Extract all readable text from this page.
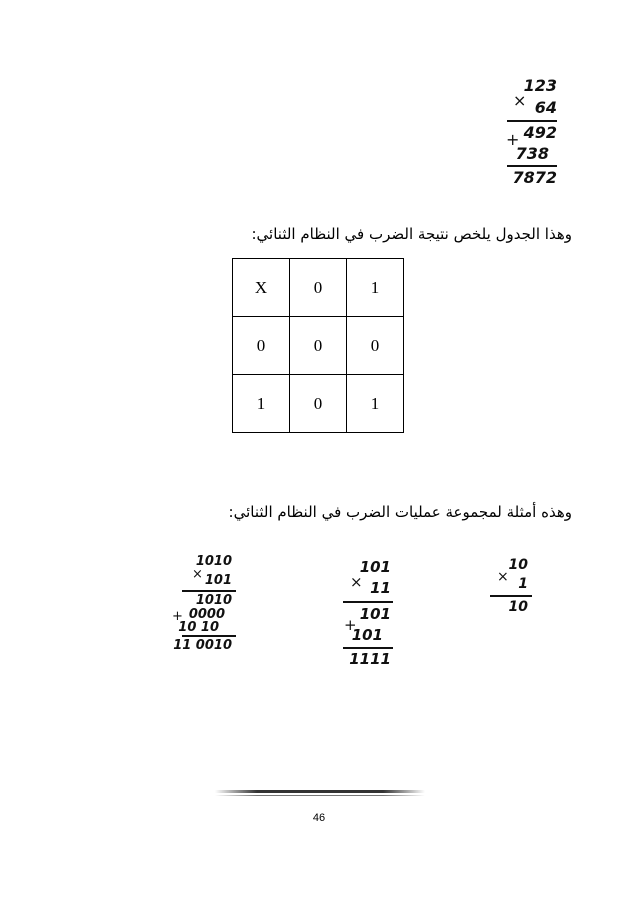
123
× 64
+ 492
738
7872
وهذا الجدول يلخص نتيجة الضرب في النظام الثنائي:
X	0	1
0	0	0
1	0	1
وهذه أمثلة لمجموعة عمليات الضرب في النظام الثنائي:
10
× 1
10
101
× 11
101
+
101
1111
1010
× 101
1010
+ 0000
10 10
11 0010
46
